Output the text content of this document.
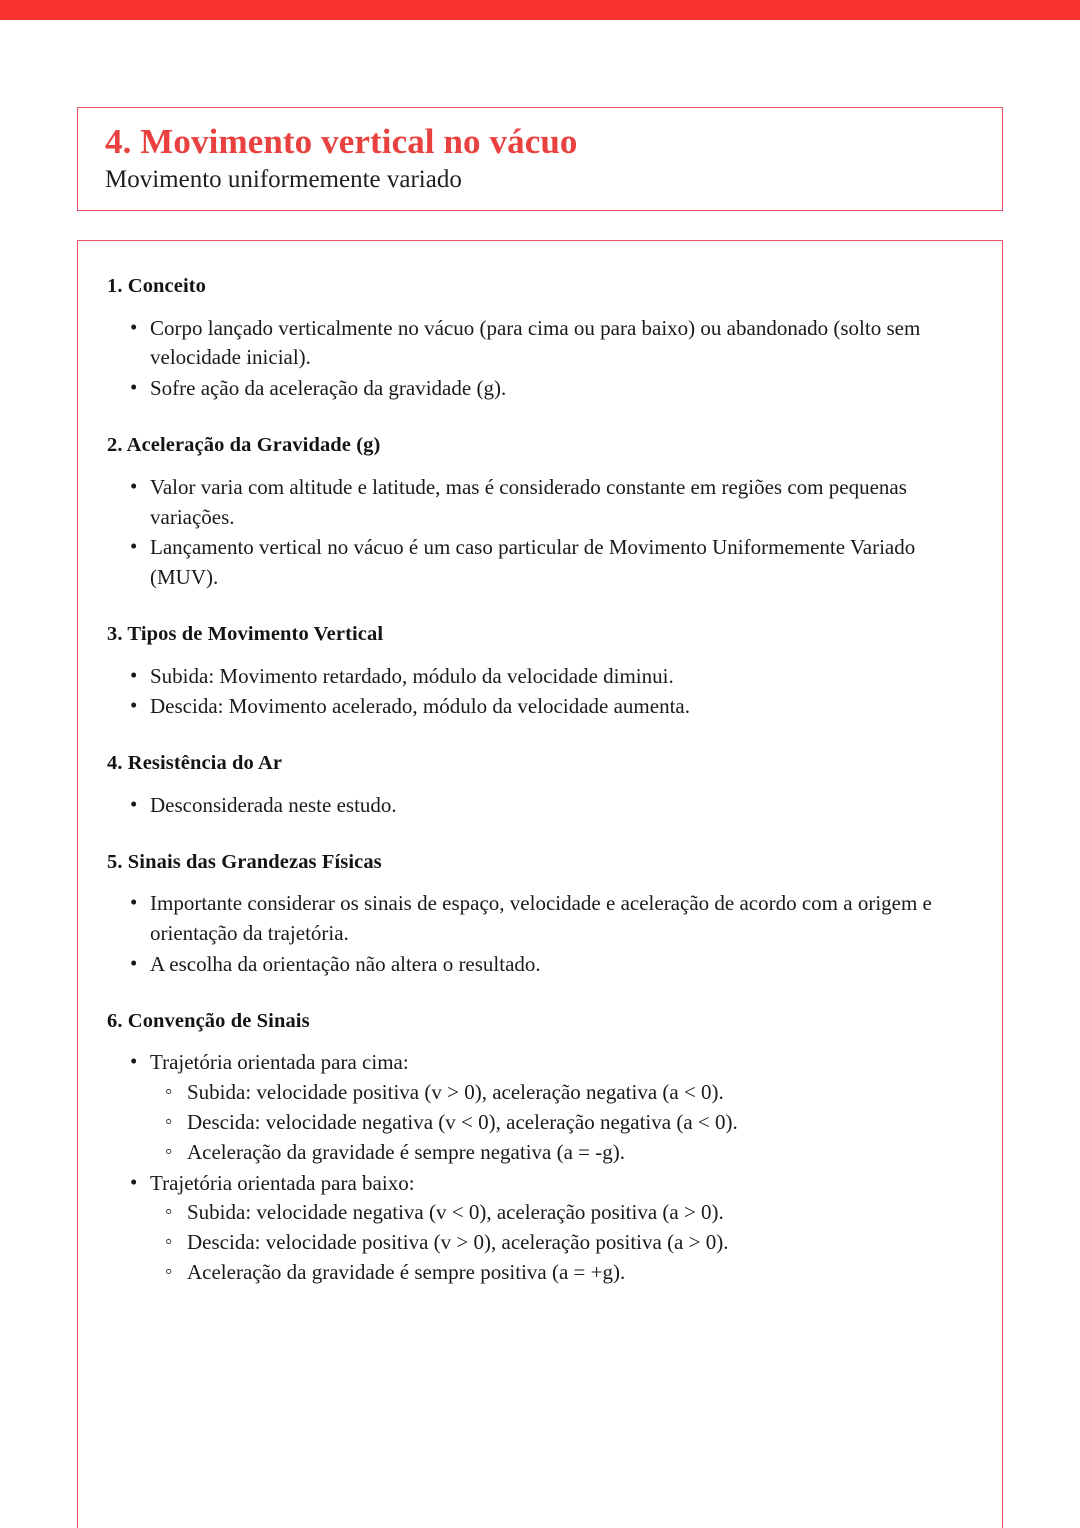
4. Movimento vertical no vácuo
Movimento uniformemente variado
1. Conceito
• Corpo lançado verticalmente no vácuo (para cima ou para baixo) ou abandonado (solto sem velocidade inicial).
• Sofre ação da aceleração da gravidade (g).
2. Aceleração da Gravidade (g)
• Valor varia com altitude e latitude, mas é considerado constante em regiões com pequenas variações.
• Lançamento vertical no vácuo é um caso particular de Movimento Uniformemente Variado (MUV).
3. Tipos de Movimento Vertical
• Subida: Movimento retardado, módulo da velocidade diminui.
• Descida: Movimento acelerado, módulo da velocidade aumenta.
4. Resistência do Ar
• Desconsiderada neste estudo.
5. Sinais das Grandezas Físicas
• Importante considerar os sinais de espaço, velocidade e aceleração de acordo com a origem e orientação da trajetória.
• A escolha da orientação não altera o resultado.
6. Convenção de Sinais
• Trajetória orientada para cima:
◦ Subida: velocidade positiva (v > 0), aceleração negativa (a < 0).
◦ Descida: velocidade negativa (v < 0), aceleração negativa (a < 0).
◦ Aceleração da gravidade é sempre negativa (a = -g).
• Trajetória orientada para baixo:
◦ Subida: velocidade negativa (v < 0), aceleração positiva (a > 0).
◦ Descida: velocidade positiva (v > 0), aceleração positiva (a > 0).
◦ Aceleração da gravidade é sempre positiva (a = +g).
